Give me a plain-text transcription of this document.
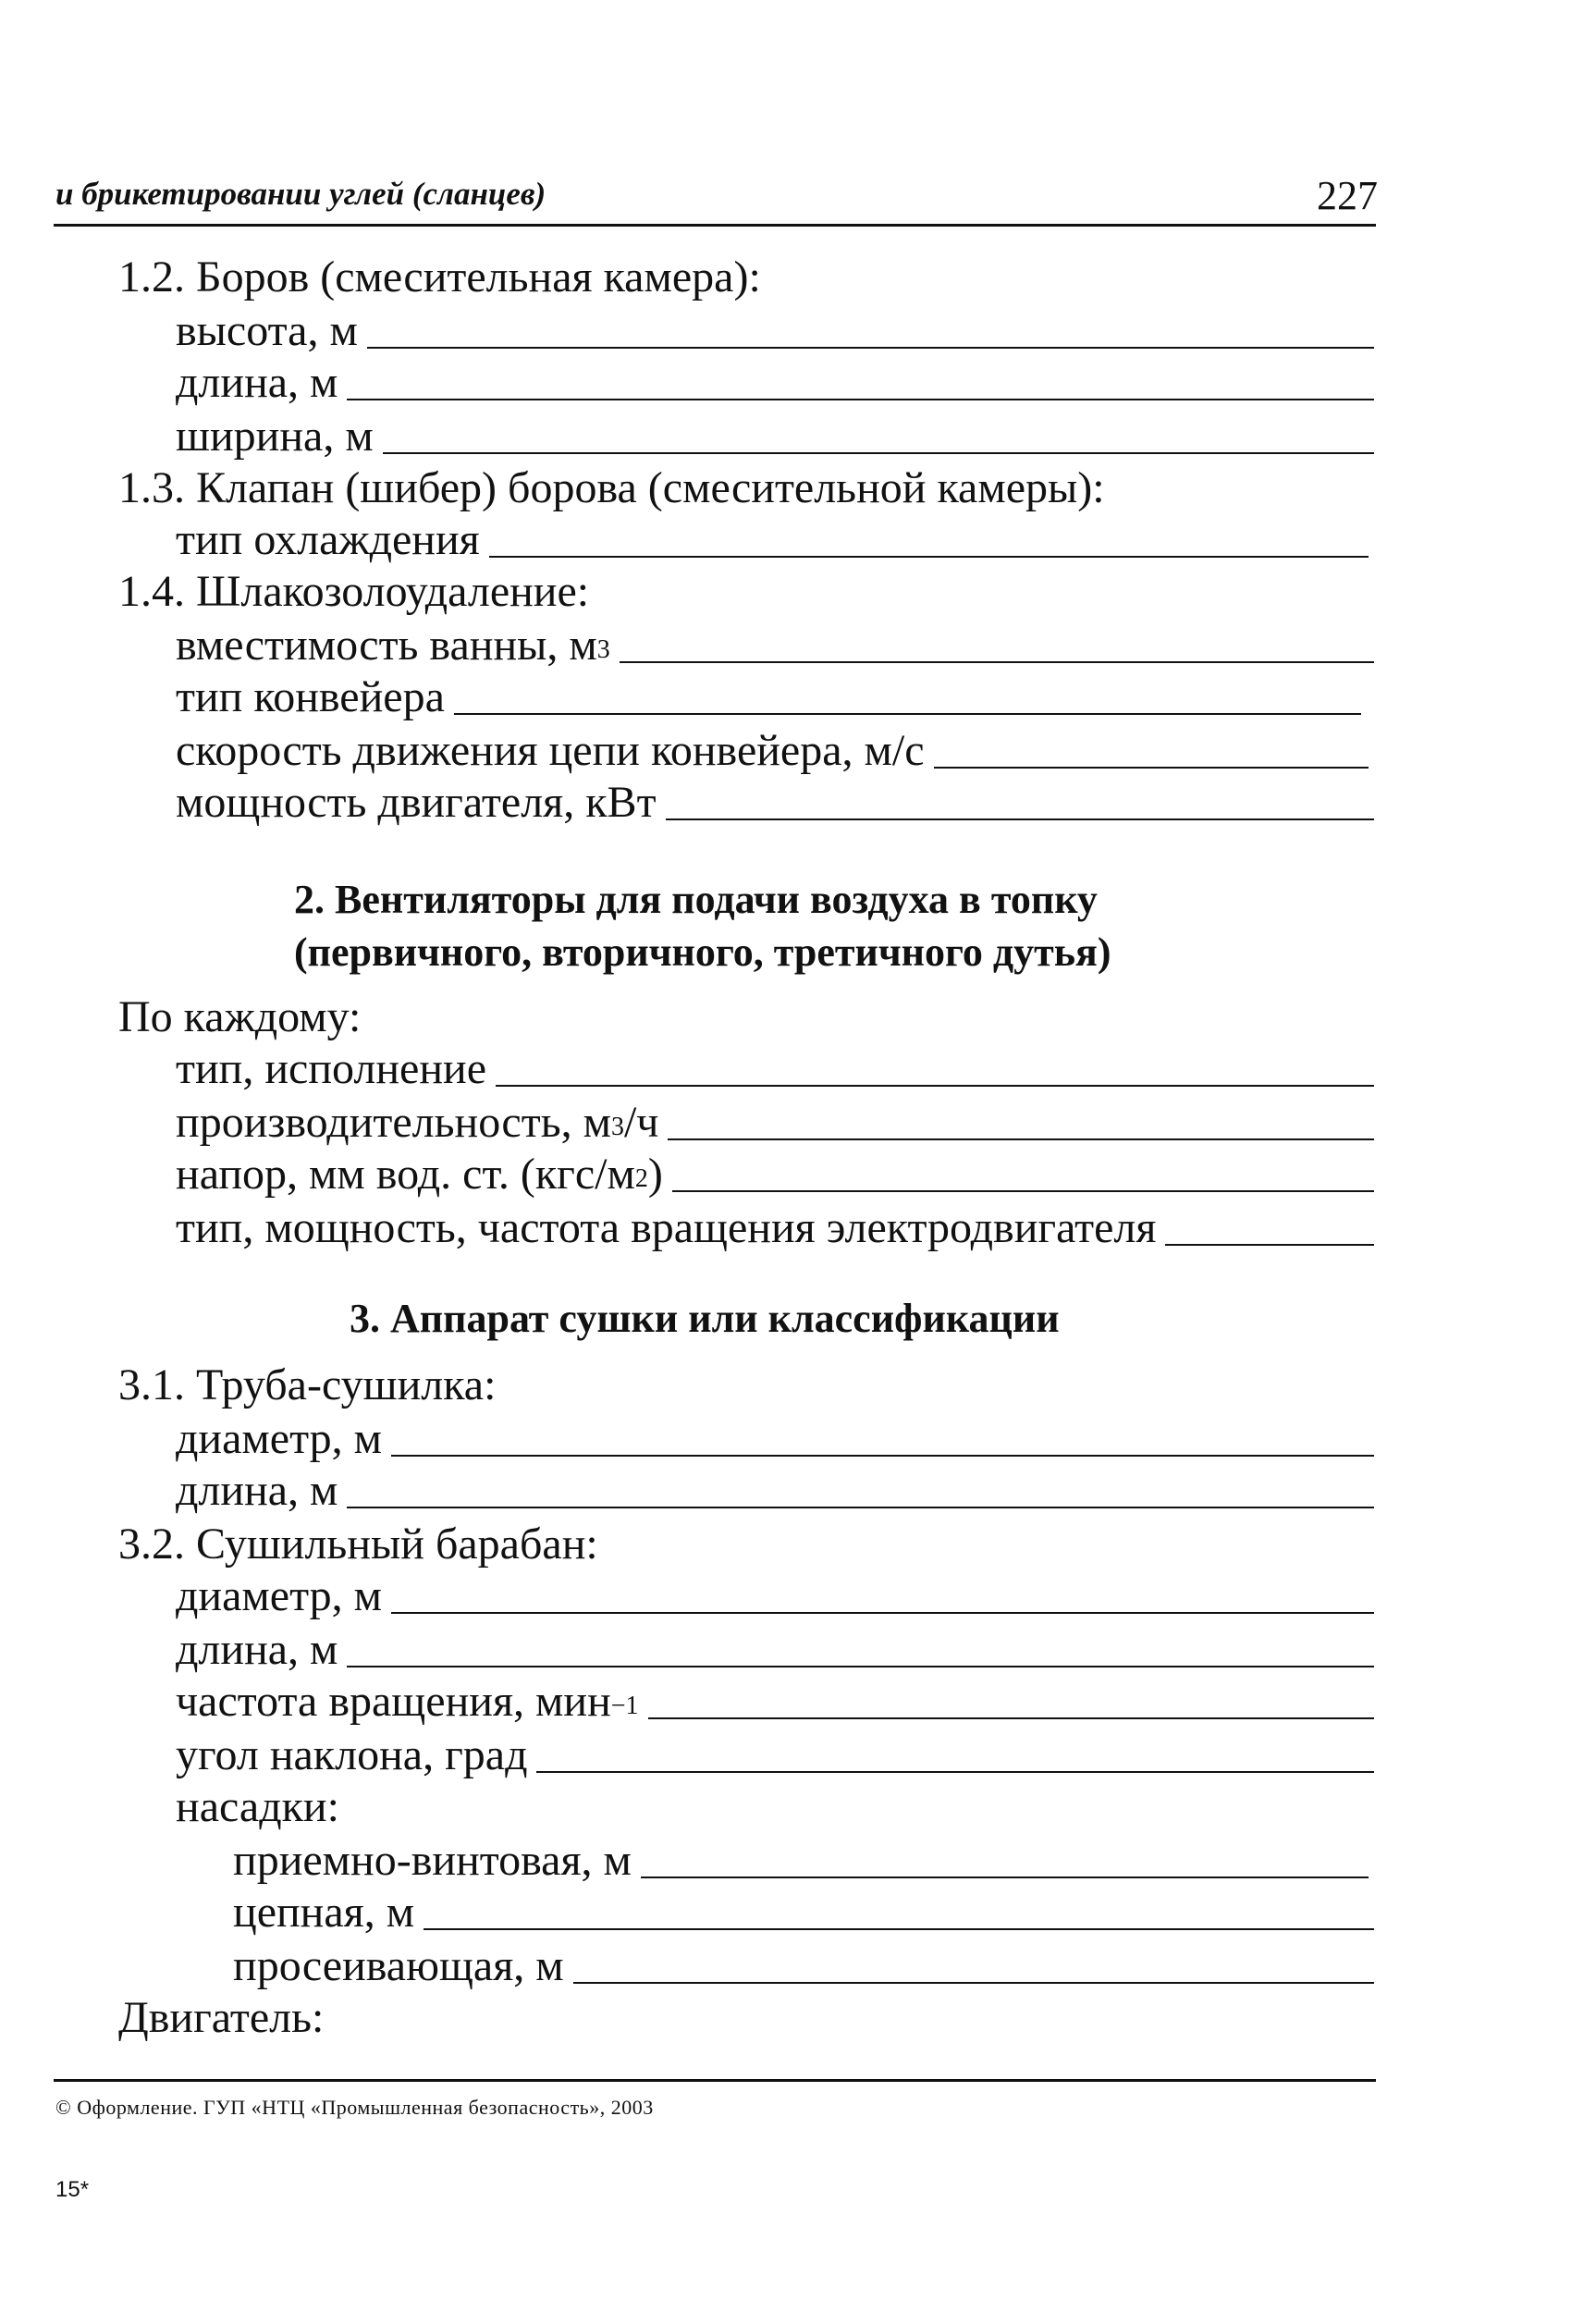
и брикетировании углей (сланцев)	227
1.2. Боров (смесительная камера):
высота, м
длина, м
ширина, м
1.3. Клапан (шибер) борова (смесительной камеры):
тип охлаждения
1.4. Шлакозолоудаление:
вместимость ванны, $м^3$
тип конвейера
скорость движения цепи конвейера, м/с
мощность двигателя, кВт
2. Вентиляторы для подачи воздуха в топку
(первичного, вторичного, третичного дутья)
По каждому:
тип, исполнение
производительность, $м^3$ /ч
напор, мм вод. ст. ($кгс/м^2$ )
тип, мощность, частота вращения электродвигателя
3. Аппарат сушки или классификации
3.1. Труба-сушилка:
диаметр, м
длина, м
3.2. Сушильный барабан:
диаметр, м
длина, м
частота вращения, мин$^{-1}$
угол наклона, град
насадки:
приемно-винтовая, м
цепная, м
просеивающая, м
Двигатель:
© Оформление. ГУП «НТЦ «Промышленная безопасность», 2003
15*
